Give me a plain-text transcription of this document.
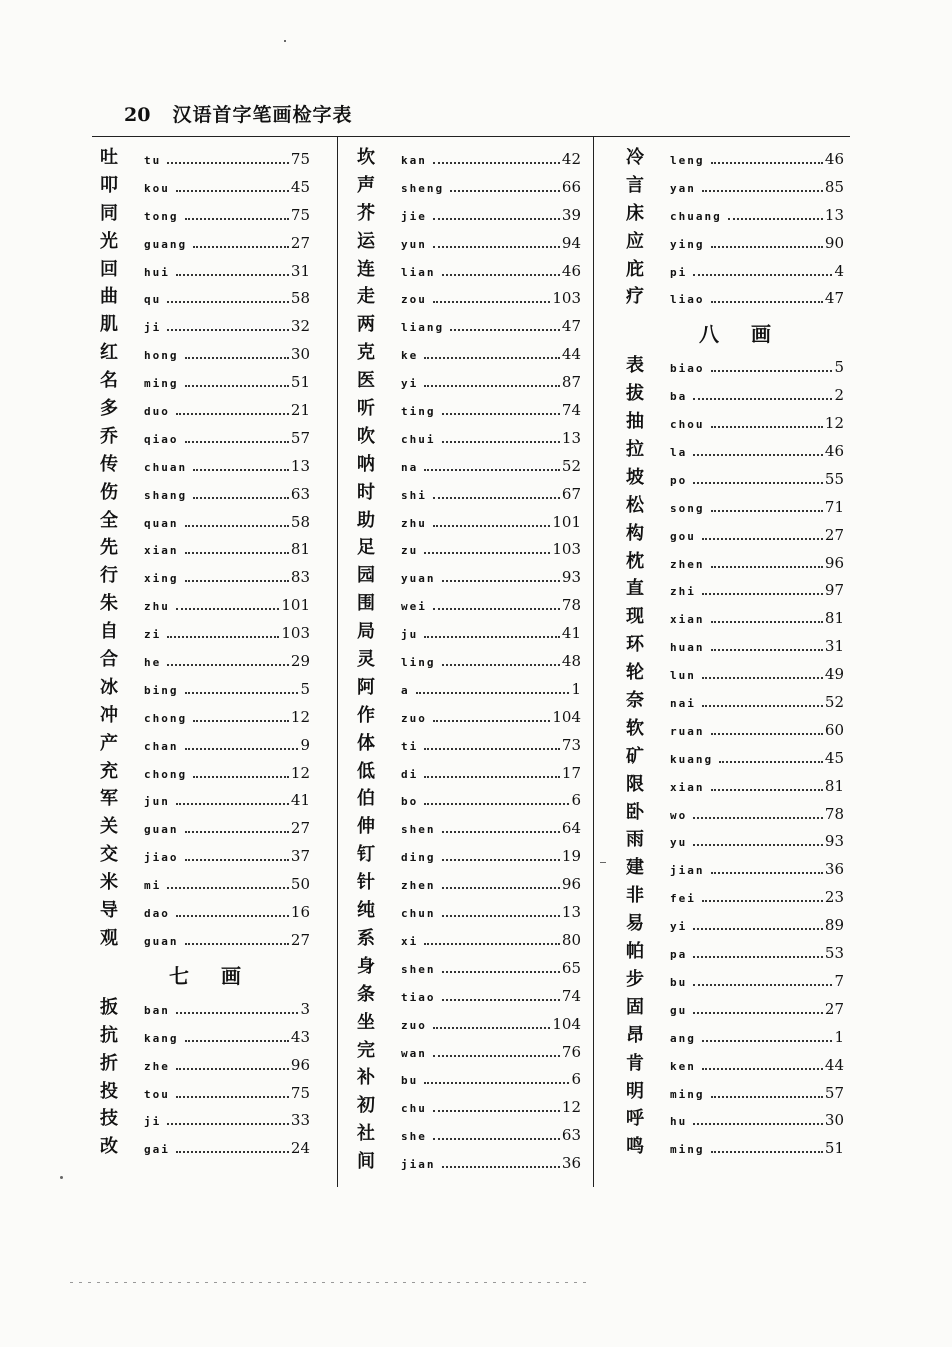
20 汉语首字笔画检字表
吐 tu	75
叩 kou	45
同 tong	75
光 guang	27
回 hui	31
曲 qu	58
肌 ji	32
红 hong	30
名 ming	51
多 duo	21
乔 qiao	57
传 chuan	13
伤 shang	63
全 quan	58
先 xian	81
行 xing	83
朱 zhu	101
自 zi	103
合 he	29
冰 bing	5
冲 chong	12
产 chan	9
充 chong	12
军 jun	41
关 guan	27
交 jiao	37
米 mi	50
导 dao	16
观 guan	27
七画
扳 ban	3
抗 kang	43
折 zhe	96
投 tou	75
技 ji	33
改 gai	24
坎 kan	42
声 sheng	66
芥 jie	39
运 yun	94
连 lian	46
走 zou	103
两 liang	47
克 ke	44
医 yi	87
听 ting	74
吹 chui	13
呐 na	52
时 shi	67
助 zhu	101
足 zu	103
园 yuan	93
围 wei	78
局 ju	41
灵 ling	48
阿 a	1
作 zuo	104
体 ti	73
低 di	17
伯 bo	6
伸 shen	64
钉 ding	19
针 zhen	96
纯 chun	13
系 xi	80
身 shen	65
条 tiao	74
坐 zuo	104
完 wan	76
补 bu	6
初 chu	12
社 she	63
间 jian	36
冷 leng	46
言 yan	85
床 chuang	13
应 ying	90
庇 pi	4
疗 liao	47
八画
表 biao	5
拔 ba	2
抽 chou	12
拉 la	46
坡 po	55
松 song	71
构 gou	27
枕 zhen	96
直 zhi	97
现 xian	81
环 huan	31
轮 lun	49
奈 nai	52
软 ruan	60
矿 kuang	45
限 xian	81
卧 wo	78
雨 yu	93
建 jian	36
非 fei	23
易 yi	89
帕 pa	53
步 bu	7
固 gu	27
昂 ang	1
肯 ken	44
明 ming	57
呼 hu	30
鸣 ming	51
